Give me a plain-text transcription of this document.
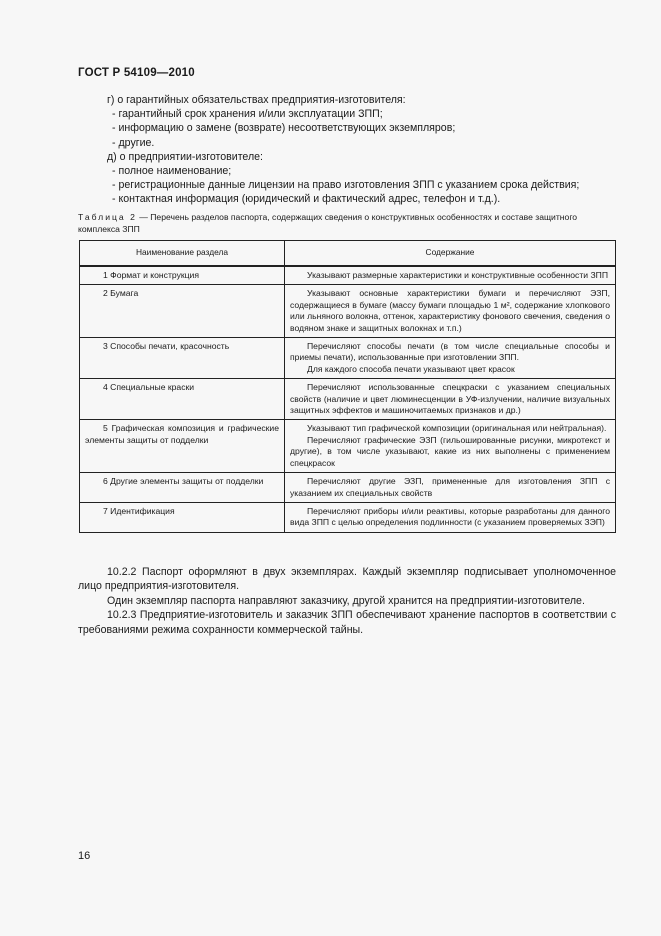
ГОСТ Р 54109—2010
г) о гарантийных обязательствах предприятия-изготовителя:
- гарантийный срок хранения и/или эксплуатации ЗПП;
- информацию о замене (возврате) несоответствующих экземпляров;
- другие.
д) о предприятии-изготовителе:
- полное наименование;
- регистрационные данные лицензии на право изготовления ЗПП с указанием срока действия;
- контактная информация (юридический и фактический адрес, телефон и т.д.).
Таблица 2 — Перечень разделов паспорта, содержащих сведения о конструктивных особенностях и составе защитного комплекса ЗПП
Наименование раздела	Содержание
1 Формат и конструкция	Указывают размерные характеристики и конструктивные особенности ЗПП

2 Бумага	Указывают основные характеристики бумаги и перечисляют ЭЗП, содержащиеся в бумаге (массу бумаги площадью 1 м², содержание хлопкового или льняного волокна, оттенок, характеристику фонового свечения, сведения о водяном знаке и защитных волокнах и т.п.)

3 Способы печати, красочность	Перечисляют способы печати (в том числе специальные способы и приемы печати), использованные при изготовлении ЗПП.

Для каждого способа печати указывают цвет красок

4 Специальные краски	Перечисляют использованные спецкраски с указанием специальных свойств (наличие и цвет люминесценции в УФ-излучении, наличие визуальных защитных эффектов и машиночитаемых признаков и др.)

5 Графическая композиция и графические элементы защиты от подделки	Указывают тип графической композиции (оригинальная или нейтральная).

Перечисляют графические ЭЗП (гильошированные рисунки, микротекст и другие), в том числе указывают, какие из них выполнены с применением спецкрасок

6 Другие элементы защиты от подделки	Перечисляют другие ЭЗП, примененные для изготовления ЗПП с указанием их специальных свойств

7 Идентификация	Перечисляют приборы и/или реактивы, которые разработаны для данного вида ЗПП с целью определения подлинности (с указанием проверяемых ЗЭП)

10.2.2 Паспорт оформляют в двух экземплярах. Каждый экземпляр подписывает уполномоченное лицо предприятия-изготовителя.

Один экземпляр паспорта направляют заказчику, другой хранится на предприятии-изготовителе.

10.2.3 Предприятие-изготовитель и заказчик ЗПП обеспечивают хранение паспортов в соответствии с требованиями режима сохранности коммерческой тайны.

16
